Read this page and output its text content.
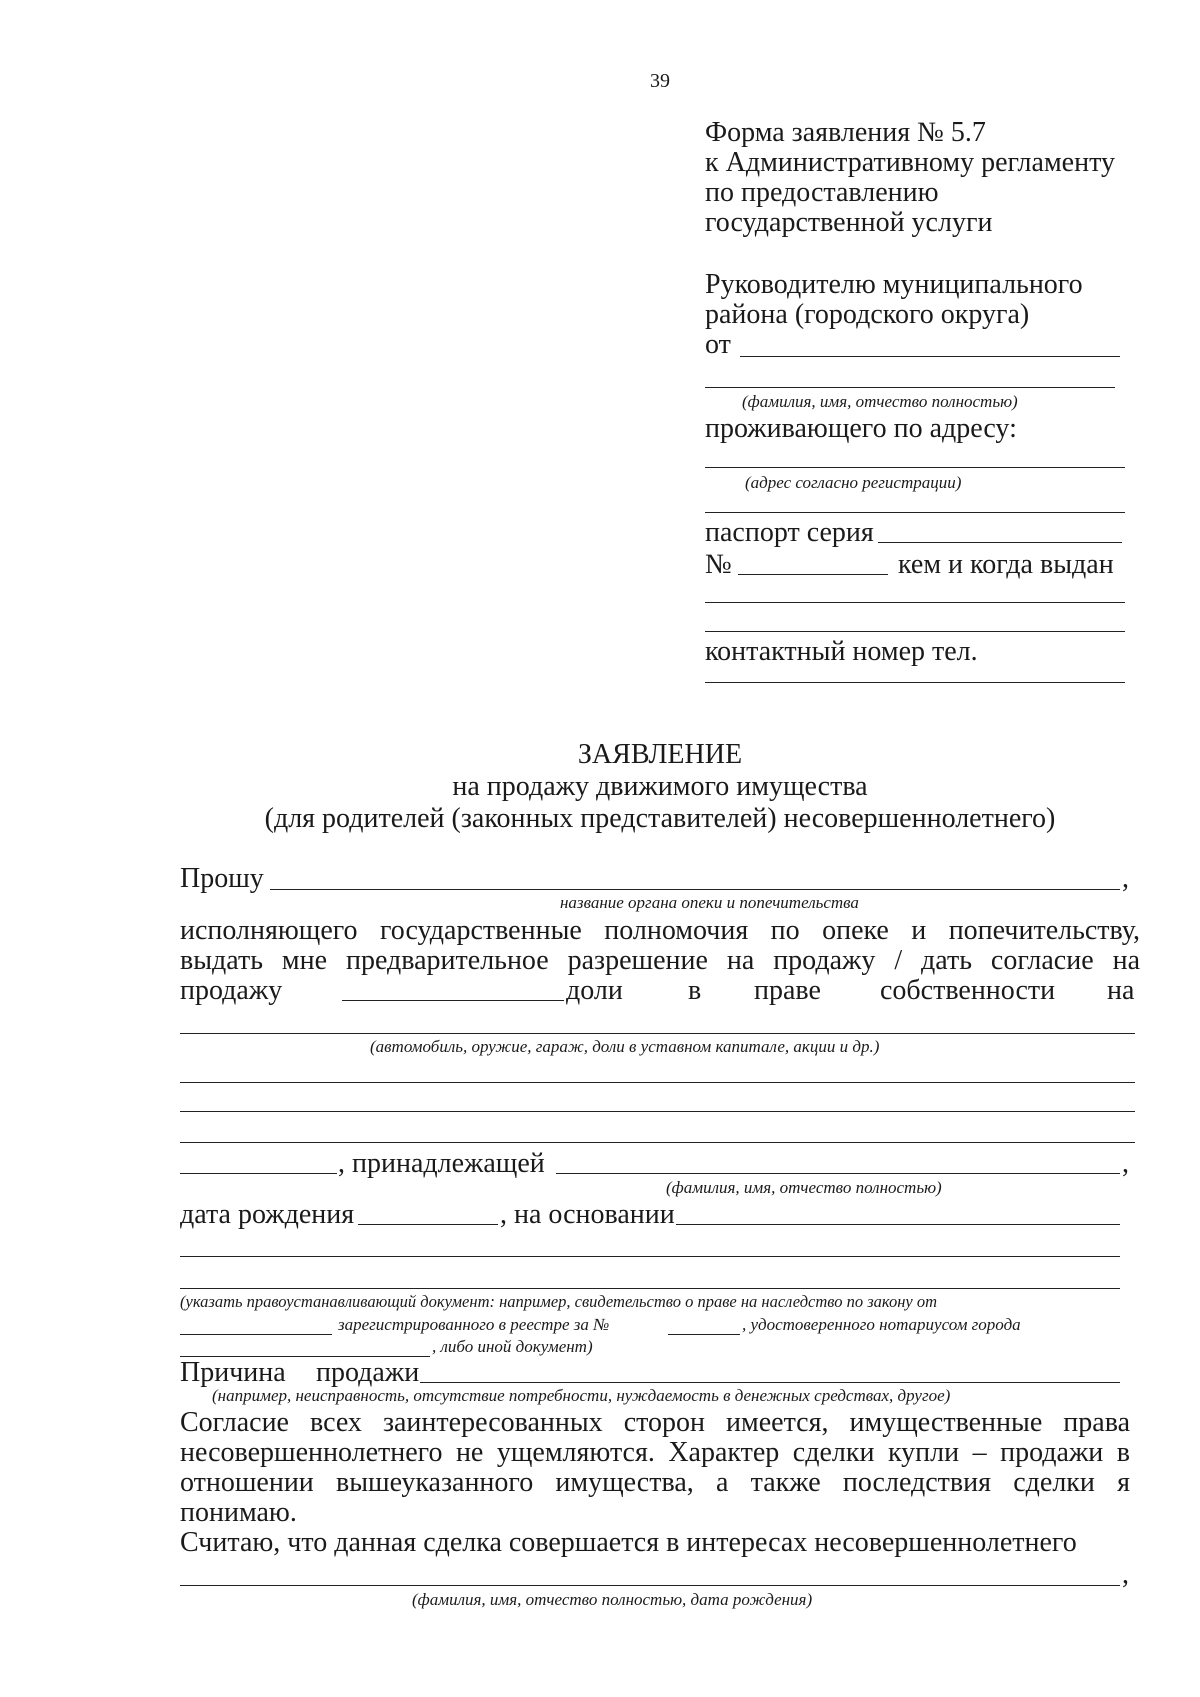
39
Форма заявления № 5.7
к Административному регламенту
по предоставлению
государственной услуги
Руководителю муниципального
района (городского округа)
от
(фамилия, имя, отчество полностью)
проживающего по адресу:
(адрес согласно регистрации)
паспорт серия
№	кем и когда выдан
контактный номер тел.
ЗАЯВЛЕНИЕ
на продажу движимого имущества
(для родителей (законных представителей) несовершеннолетнего)
Прошу	,
название органа опеки и попечительства
исполняющего государственные полномочия по опеке и попечительству,
выдать мне предварительное разрешение на продажу / дать согласие на
продажу	доли в праве собственности на
(автомобиль, оружие, гараж, доли в уставном капитале, акции и др.)
, принадлежащей	,
(фамилия, имя, отчество полностью)
дата рождения	, на основании
(указать правоустанавливающий документ: например, свидетельство о праве на наследство по закону от
зарегистрированного в реестре за №	, удостоверенного нотариусом города
, либо иной документ)
Причина продажи
(например, неисправность, отсутствие потребности, нуждаемость в денежных средствах, другое)
Согласие всех заинтересованных сторон имеется, имущественные права
несовершеннолетнего не ущемляются. Характер сделки купли – продажи в
отношении вышеуказанного имущества, а также последствия сделки я
понимаю.
Считаю, что данная сделка совершается в интересах несовершеннолетнего
,
(фамилия, имя, отчество полностью, дата рождения)
